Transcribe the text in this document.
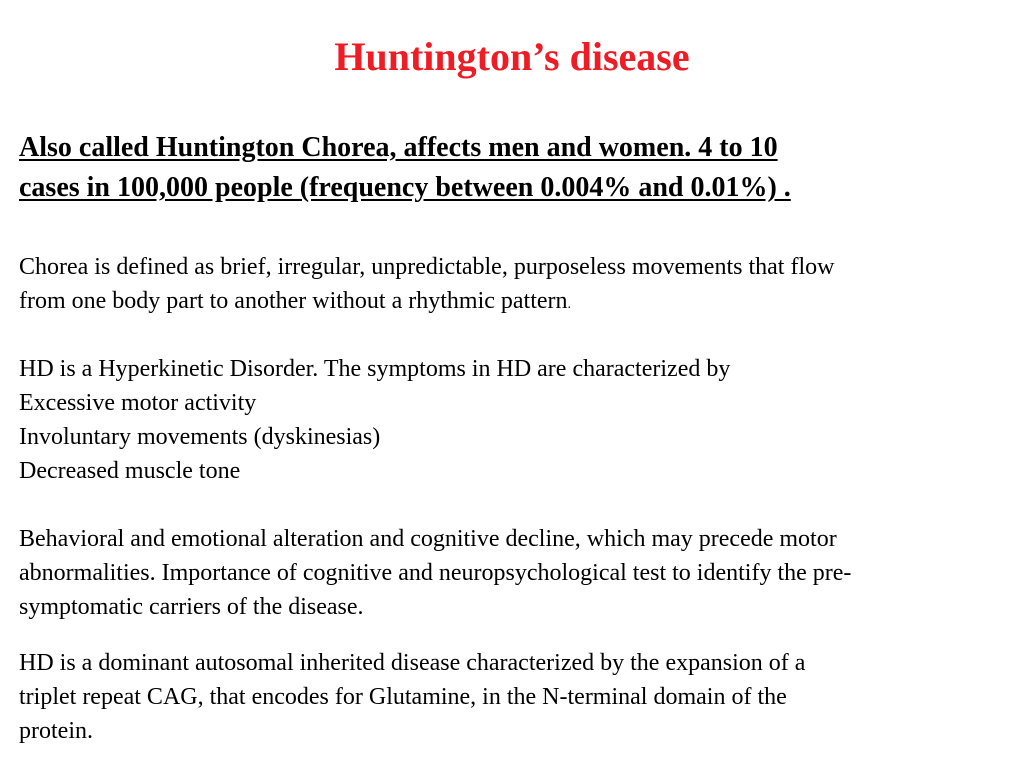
Huntington’s disease

Also called Huntington Chorea, affects men and women. 4 to 10
cases in 100,000 people (frequency between 0.004% and 0.01%) .

Chorea is defined as brief, irregular, unpredictable, purposeless movements that flow
from one body part to another without a rhythmic pattern.

HD is a Hyperkinetic Disorder. The symptoms in HD are characterized by
Excessive motor activity
Involuntary movements (dyskinesias)
Decreased muscle tone

Behavioral and emotional alteration and cognitive decline, which may precede motor
abnormalities. Importance of cognitive and neuropsychological test to identify the pre-
symptomatic carriers of the disease.

HD is a dominant autosomal inherited disease characterized by the expansion of a
triplet repeat CAG, that encodes for Glutamine, in the N-terminal domain of the
protein.
